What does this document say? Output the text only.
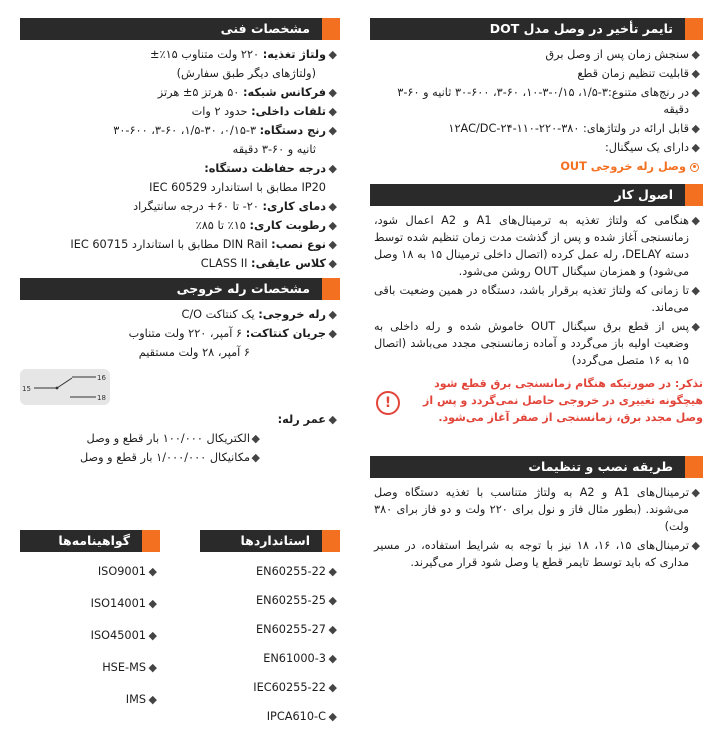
تایمر تأخیر در وصل مدل DOT
◆
سنجش زمان پس از وصل برق
◆
قابلیت تنظیم زمان قطع
◆
در رنج‌های متنوع:۳-۱/۵، ۰/۱۵-۳-۱۰، ۶۰-۳، ۶۰۰-۳۰ ثانیه و ۶۰-۳ دقیقه
◆
قابل ارائه در ولتاژهای: ۱۲AC/DC-۲۴-۱۱۰-۲۲۰-۳۸۰
◆
دارای یک سیگنال:
وصل رله خروجی OUT
اصول کار
◆
هنگامی که ولتاژ تغذیه به ترمینال‌های A1 و A2 اعمال شود، زمانسنجی آغاز شده و پس از گذشت مدت زمان تنظیم شده توسط دسته DELAY، رله عمل کرده (اتصال داخلی ترمینال ۱۵ به ۱۸ وصل می‌شود) و همزمان سیگنال OUT روشن می‌شود.
◆
تا زمانی که ولتاژ تغذیه برقرار باشد، دستگاه در همین وضعیت باقی می‌ماند.
◆
پس از قطع برق سیگنال OUT خاموش شده و رله داخلی به وضعیت اولیه باز می‌گردد و آماده زمانسنجی مجدد می‌باشد (اتصال ۱۵ به ۱۶ متصل می‌گردد)
!
تذکر: در صورتیکه هنگام زمانسنجی برق قطع شود هیچگونه تغییری در خروجی حاصل نمی‌گردد و پس از وصل مجدد برق، زمانسنجی از صفر آغاز می‌شود.
طریقه نصب و تنظیمات
◆
ترمینال‌های A1 و A2 به ولتاژ متناسب با تغذیه دستگاه وصل می‌شوند. (بطور مثال فاز و نول برای ۲۲۰ ولت و دو فاز برای ۳۸۰ ولت)
◆
ترمینال‌های ۱۵، ۱۶، ۱۸ نیز با توجه به شرایط استفاده، در مسیر مداری که باید توسط تایمر قطع یا وصل شود قرار می‌گیرند.
مشخصات فنی
◆
ولتاژ تغذیه: ۲۲۰ ولت متناوب ۱۵٪±
(ولتاژهای دیگر طبق سفارش)
◆
فرکانس شبکه: ۵۰ هرتز ۵± هرتز
◆
تلفات داخلی: حدود ۲ وات
◆
رنج دستگاه: ۳-۰/۱۵، ۳۰-۱/۵، ۶۰-۳، ۶۰۰-۳۰
ثانیه و ۶۰-۳ دقیقه
◆
درجه حفاظت دستگاه:
IP20 مطابق با استاندارد IEC 60529
◆
دمای کاری: ۲۰- تا ۶۰+ درجه سانتیگراد
◆
رطوبت کاری: ۱۵٪ تا ۸۵٪
◆
نوع نصب: DIN Rail مطابق با استاندارد IEC 60715
◆
کلاس عایقی: CLASS II
مشخصات رله خروجی
◆
رله خروجی: یک کنتاکت C/O
◆
جریان کنتاکت: ۶ آمپر، ۲۲۰ ولت متناوب
۶ آمپر، ۲۸ ولت مستقیم
15
16
18
◆
عمر رله:
◆
الکتریکال ۱۰۰/۰۰۰ بار قطع و وصل
◆
مکانیکال ۱/۰۰۰/۰۰۰ بار قطع و وصل
استانداردها
◆
EN60255-22
◆
EN60255-25
◆
EN60255-27
◆
EN61000-3
◆
IEC60255-22
◆
IPCA610-C
گواهینامه‌ها
◆
ISO9001
◆
ISO14001
◆
ISO45001
◆
HSE-MS
◆
IMS
